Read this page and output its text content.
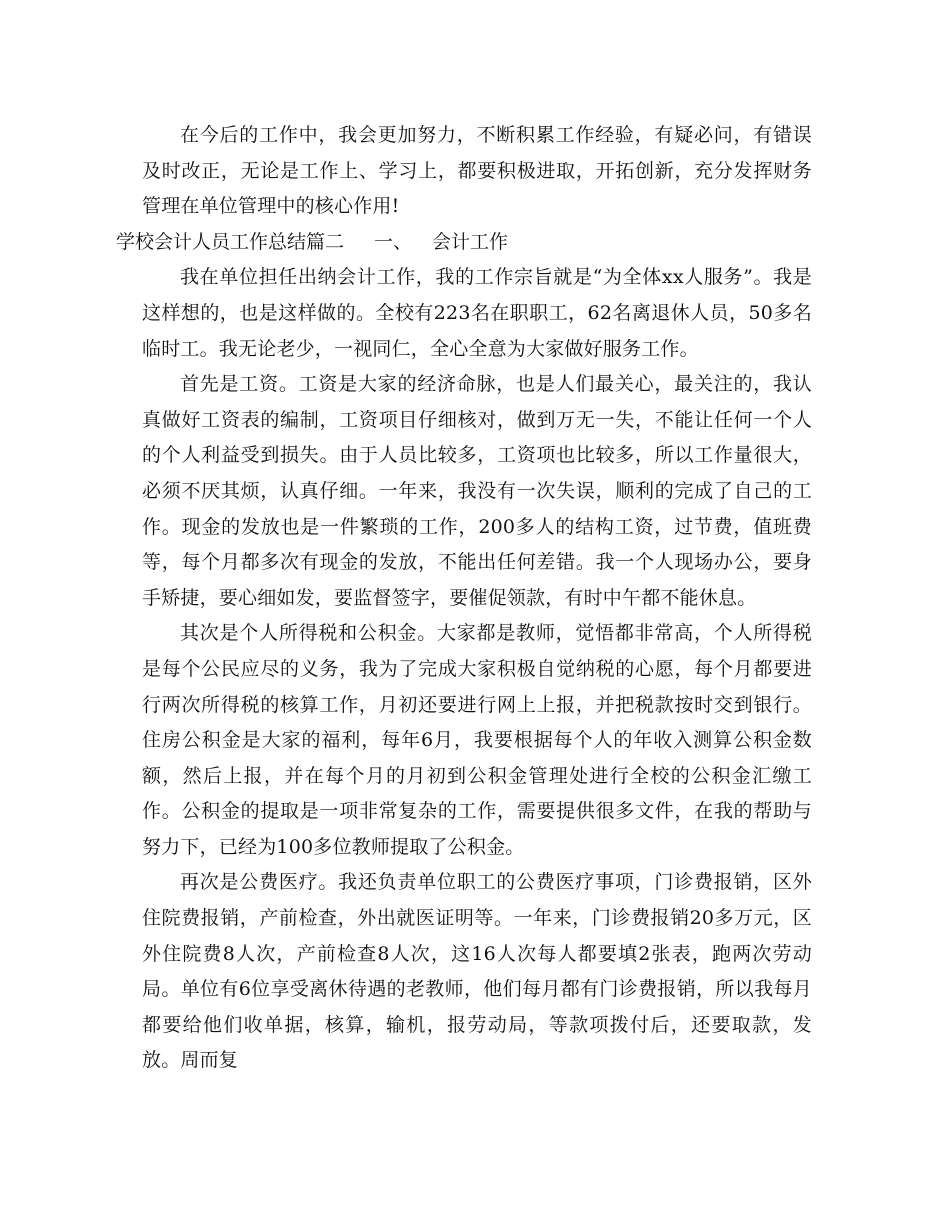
在今后的工作中，我会更加努力，不断积累工作经验，有疑必问，有错误及时改正，无论是工作上、学习上，都要积极进取，开拓创新，充分发挥财务管理在单位管理中的核心作用!

学校会计人员工作总结篇二 一、 会计工作

我在单位担任出纳会计工作，我的工作宗旨就是“为全体xx人服务”。我是这样想的，也是这样做的。全校有223名在职职工，62名离退休人员，50多名临时工。我无论老少，一视同仁，全心全意为大家做好服务工作。

首先是工资。工资是大家的经济命脉，也是人们最关心，最关注的，我认真做好工资表的编制，工资项目仔细核对，做到万无一失，不能让任何一个人的个人利益受到损失。由于人员比较多，工资项也比较多，所以工作量很大，必须不厌其烦，认真仔细。一年来，我没有一次失误，顺利的完成了自己的工作。现金的发放也是一件繁琐的工作，200多人的结构工资，过节费，值班费等，每个月都多次有现金的发放，不能出任何差错。我一个人现场办公，要身手矫捷，要心细如发，要监督签字，要催促领款，有时中午都不能休息。

其次是个人所得税和公积金。大家都是教师，觉悟都非常高，个人所得税是每个公民应尽的义务，我为了完成大家积极自觉纳税的心愿，每个月都要进行两次所得税的核算工作，月初还要进行网上上报，并把税款按时交到银行。住房公积金是大家的福利，每年6月，我要根据每个人的年收入测算公积金数额，然后上报，并在每个月的月初到公积金管理处进行全校的公积金汇缴工作。公积金的提取是一项非常复杂的工作，需要提供很多文件，在我的帮助与努力下，已经为100多位教师提取了公积金。

再次是公费医疗。我还负责单位职工的公费医疗事项，门诊费报销，区外住院费报销，产前检查，外出就医证明等。一年来，门诊费报销20多万元，区外住院费8人次，产前检查8人次，这16人次每人都要填2张表，跑两次劳动局。单位有6位享受离休待遇的老教师，他们每月都有门诊费报销，所以我每月都要给他们收单据，核算，输机，报劳动局，等款项拨付后，还要取款，发放。周而复
